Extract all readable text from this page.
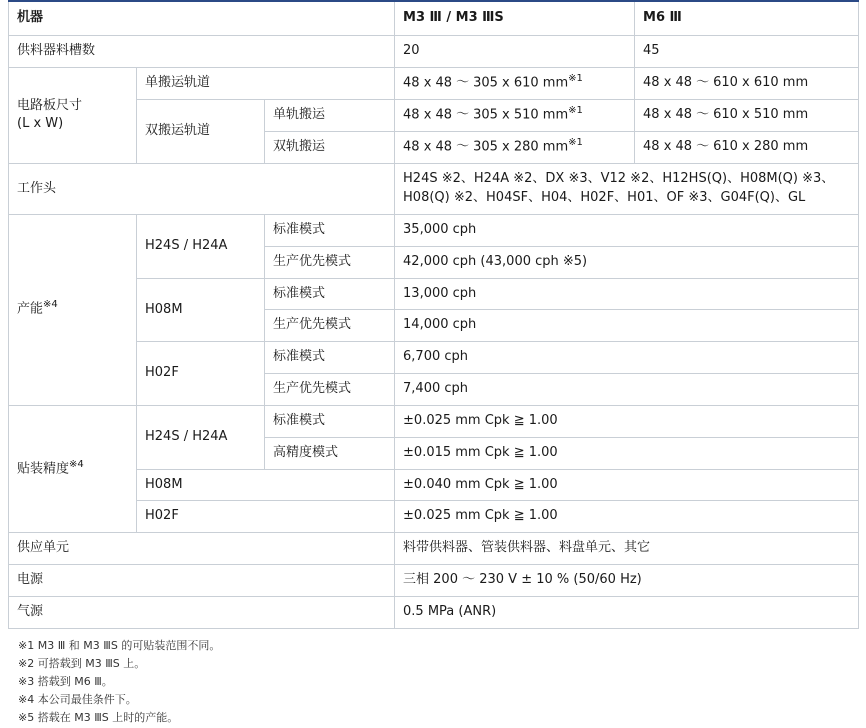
机器			M3 Ⅲ / M3 ⅢS	M6 Ⅲ
供料器料槽数			20	45

电路板尺寸
(L x W)	单搬运轨道		48 x 48 ～ 305 x 610 $mm^{※1}$	48 x 48 ～ 610 x 610 mm
	双搬运轨道	单轨搬运	48 x 48 ～ 305 x 510 $mm^{※1}$	48 x 48 ～ 610 x 510 mm
		双轨搬运	48 x 48 ～ 305 x 280 $mm^{※1}$	48 x 48 ～ 610 x 280 mm
工作头			H24S ※2、H24A ※2、DX ※3、V12 ※2、H12HS(Q)、H08M(Q) ※3、
H08(Q) ※2、H04SF、H04、H02F、H01、OF ※3、G04F(Q)、GL	

产能$^{※4}$	H24S / H24A	标准模式	35,000 cph	
		生产优先模式	42,000 cph (43,000 cph ※5)	
	H08M	标准模式	13,000 cph	
		生产优先模式	14,000 cph	
	H02F	标准模式	6,700 cph	
		生产优先模式	7,400 cph	
贴装精度$^{※4}$	H24S / H24A	标准模式	±0.025 mm Cpk ≧ 1.00	
		高精度模式	±0.015 mm Cpk ≧ 1.00	
	H08M		±0.040 mm Cpk ≧ 1.00	
	H02F		±0.025 mm Cpk ≧ 1.00	
供应单元			料带供料器、管装供料器、料盘单元、其它	
电源			三相 200 ～ 230 V ± 10 % (50/60 Hz)	
气源			0.5 MPa (ANR)	
※1 M3 Ⅲ 和 M3 ⅢS 的可贴装范围不同。
※2 可搭载到 M3 ⅢS 上。
※3 搭载到 M6 Ⅲ。
※4 本公司最佳条件下。
※5 搭载在 M3 ⅢS 上时的产能。
